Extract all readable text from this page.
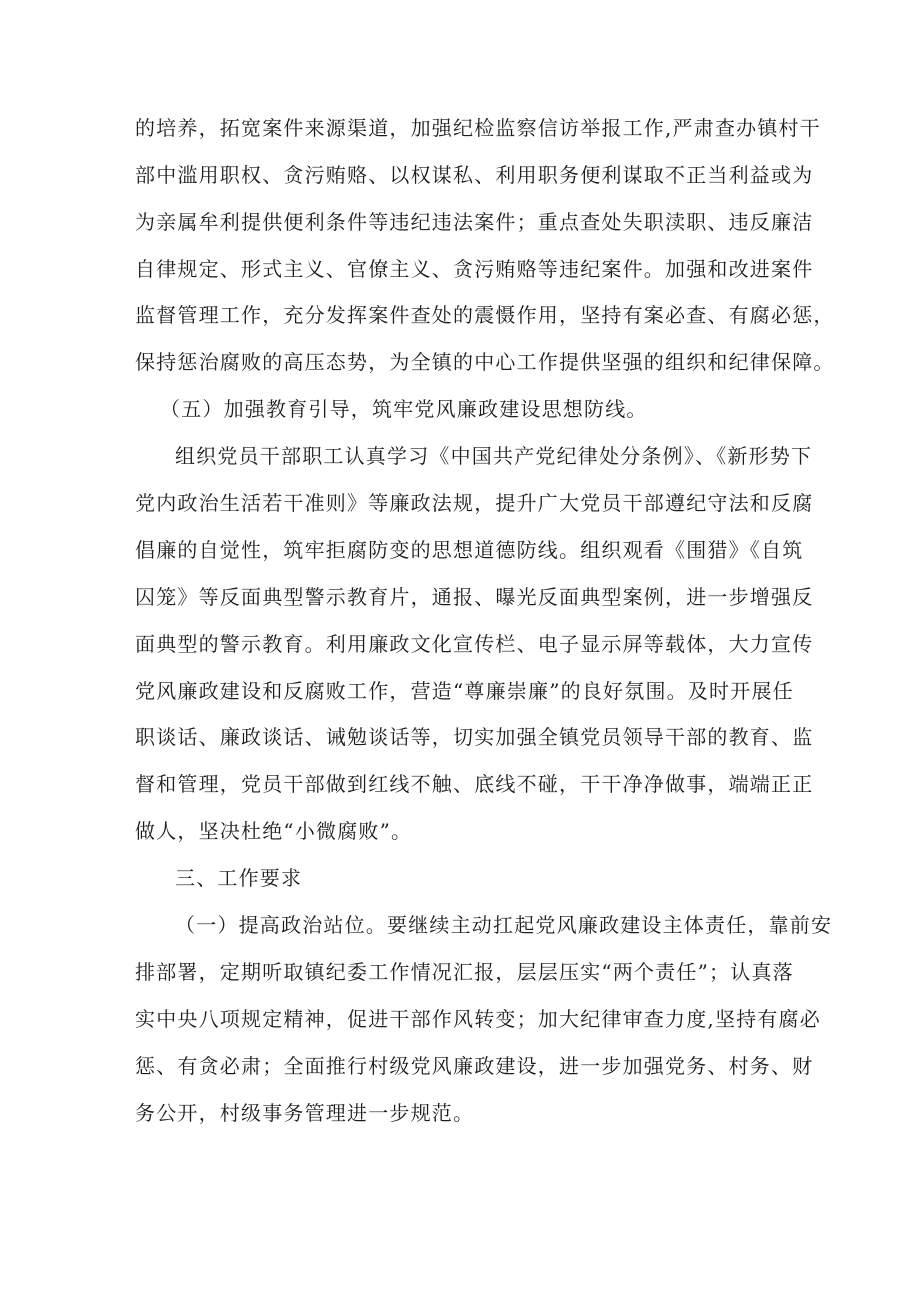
的培养，拓宽案件来源渠道，加强纪检监察信访举报工作,严肃查办镇村干
部中滥用职权、贪污贿赂、以权谋私、利用职务便利谋取不正当利益或为
为亲属牟利提供便利条件等违纪违法案件；重点查处失职渎职、违反廉洁
自律规定、形式主义、官僚主义、贪污贿赂等违纪案件。加强和改进案件
监督管理工作，充分发挥案件查处的震慑作用，坚持有案必查、有腐必惩，
保持惩治腐败的高压态势，为全镇的中心工作提供坚强的组织和纪律保障。
（五）加强教育引导，筑牢党风廉政建设思想防线。
组织党员干部职工认真学习《中国共产党纪律处分条例》、《新形势下
党内政治生活若干准则》等廉政法规，提升广大党员干部遵纪守法和反腐
倡廉的自觉性，筑牢拒腐防变的思想道德防线。组织观看《围猎》《自筑
囚笼》等反面典型警示教育片，通报、曝光反面典型案例，进一步增强反
面典型的警示教育。利用廉政文化宣传栏、电子显示屏等载体，大力宣传
党风廉政建设和反腐败工作，营造“尊廉崇廉”的良好氛围。及时开展任
职谈话、廉政谈话、诫勉谈话等，切实加强全镇党员领导干部的教育、监
督和管理，党员干部做到红线不触、底线不碰，干干净净做事，端端正正
做人，坚决杜绝“小微腐败”。
三、工作要求
（一）提高政治站位。要继续主动扛起党风廉政建设主体责任，靠前安
排部署，定期听取镇纪委工作情况汇报，层层压实“两个责任”；认真落
实中央八项规定精神，促进干部作风转变；加大纪律审查力度,坚持有腐必
惩、有贪必肃；全面推行村级党风廉政建设，进一步加强党务、村务、财
务公开，村级事务管理进一步规范。
